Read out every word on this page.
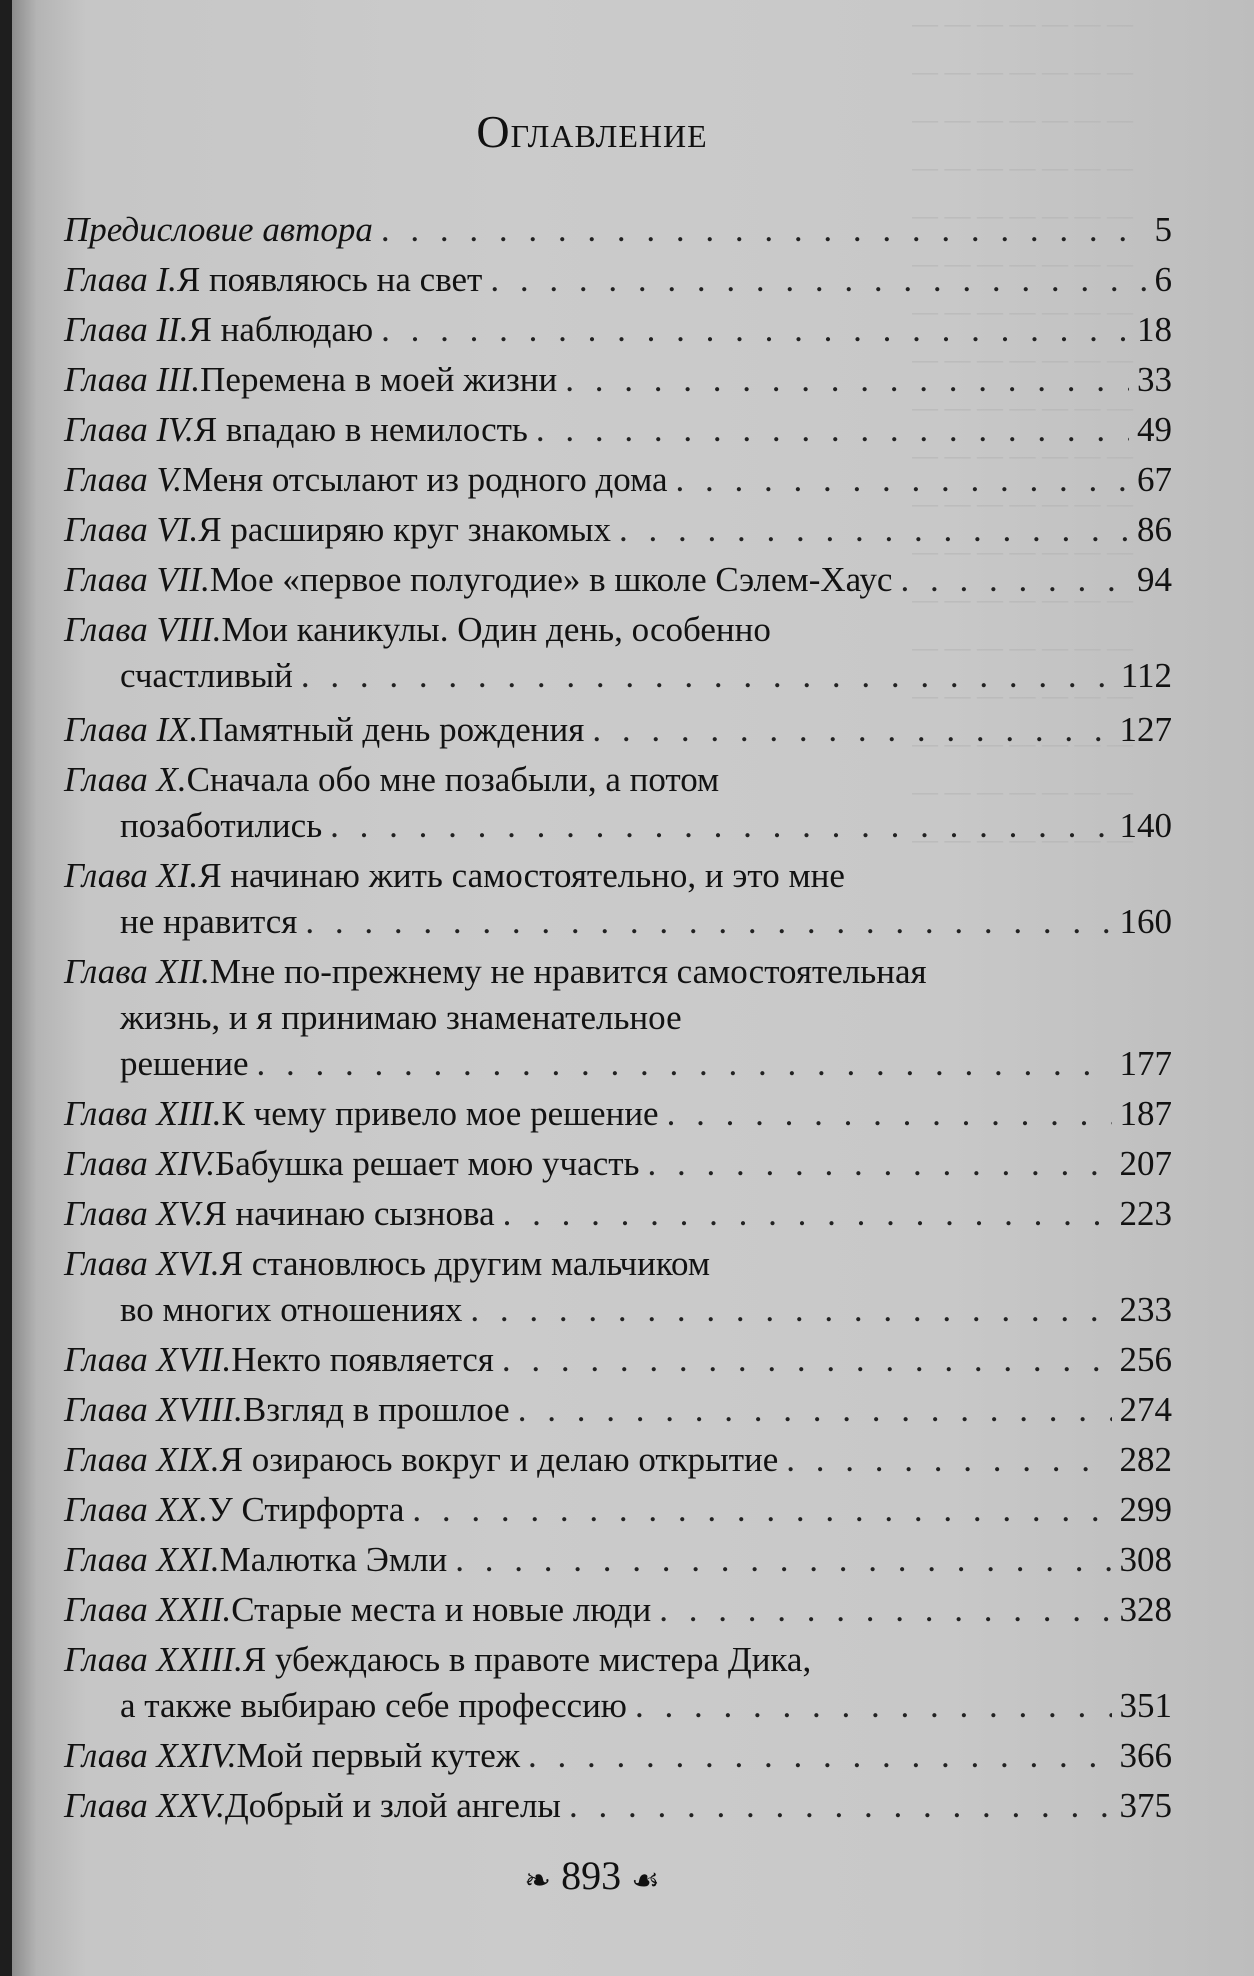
— — — — — — —
— — — — — — —
— — — — — — —
— — — — — — —
— — — — — — —
— — — — — — —
— — — — — — —
— — — — — — —
— — — — — — —
— — — — — — —
— — — — — — —
— — — — — — —
— — — — — — —
— — — — — — —
— — — — — — —
— — — — — — —
— — — — — — —
— — — — — — —
Оглавление
Предисловие автора . . .	5
Глава I. Я появляюсь на свет . . .	6
Глава II. Я наблюдаю . . .	18
Глава III. Перемена в моей жизни . . .	33
Глава IV. Я впадаю в немилость . . .	49
Глава V. Меня отсылают из родного дома . . .	67
Глава VI. Я расширяю круг знакомых . . .	86
Глава VII. Мое «первое полугодие» в школе Сэлем-Хаус . . .	94
Глава VIII. Мои каникулы. Один день, особенно
счастливый . . .	112
Глава IX. Памятный день рождения . . .	127
Глава X. Сначала обо мне позабыли, а потом
позаботились . . .	140
Глава XI. Я начинаю жить самостоятельно, и это мне
не нравится . . .	160
Глава XII. Мне по-прежнему не нравится самостоятельная
жизнь, и я принимаю знаменательное
решение . . .	177
Глава XIII. К чему привело мое решение . . .	187
Глава XIV. Бабушка решает мою участь . . .	207
Глава XV. Я начинаю сызнова . . .	223
Глава XVI. Я становлюсь другим мальчиком
во многих отношениях . . .	233
Глава XVII. Некто появляется . . .	256
Глава XVIII. Взгляд в прошлое . . .	274
Глава XIX. Я озираюсь вокруг и делаю открытие . . .	282
Глава XX. У Стирфорта . . .	299
Глава XXI. Малютка Эмли . . .	308
Глава XXII. Старые места и новые люди . . .	328
Глава XXIII. Я убеждаюсь в правоте мистера Дика,
а также выбираю себе профессию . . .	351
Глава XXIV. Мой первый кутеж . . .	366
Глава XXV. Добрый и злой ангелы . . .	375
❧ 893 ☙
